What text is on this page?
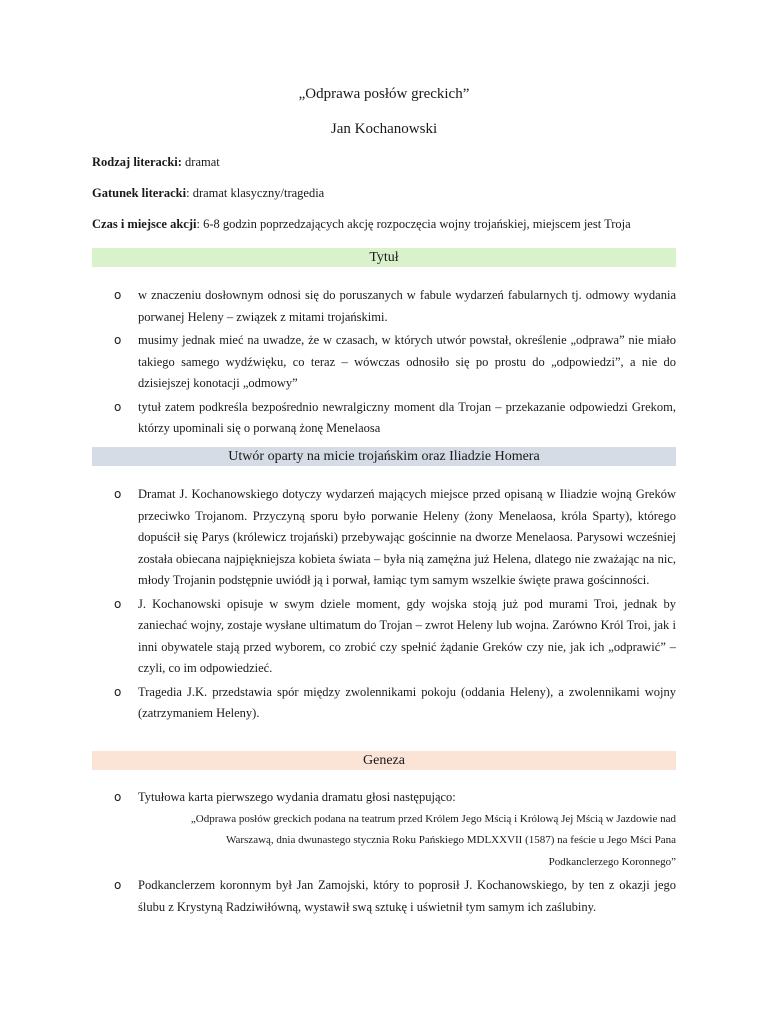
„Odprawa posłów greckich”
Jan Kochanowski
Rodzaj literacki: dramat
Gatunek literacki: dramat klasyczny/tragedia
Czas i miejsce akcji: 6-8 godzin poprzedzających akcję rozpoczęcia wojny trojańskiej, miejscem jest Troja
Tytuł
o w znaczeniu dosłownym odnosi się do poruszanych w fabule wydarzeń fabularnych tj. odmowy wydania porwanej Heleny – związek z mitami trojańskimi.
o musimy jednak mieć na uwadze, że w czasach, w których utwór powstał, określenie „odprawa” nie miało takiego samego wydźwięku, co teraz – wówczas odnosiło się po prostu do „odpowiedzi”, a nie do dzisiejszej konotacji „odmowy”
o tytuł zatem podkreśla bezpośrednio newralgiczny moment dla Trojan – przekazanie odpowiedzi Grekom, którzy upominali się o porwaną żonę Menelaosa
Utwór oparty na micie trojańskim oraz Iliadzie Homera
o Dramat J. Kochanowskiego dotyczy wydarzeń mających miejsce przed opisaną w Iliadzie wojną Greków przeciwko Trojanom. Przyczyną sporu było porwanie Heleny (żony Menelaosa, króla Sparty), którego dopuścił się Parys (królewicz trojański) przebywając gościnnie na dworze Menelaosa. Parysowi wcześniej została obiecana najpiękniejsza kobieta świata – była nią zamężna już Helena, dlatego nie zważając na nic, młody Trojanin podstępnie uwiódł ją i porwał, łamiąc tym samym wszelkie święte prawa gościnności.
o J. Kochanowski opisuje w swym dziele moment, gdy wojska stoją już pod murami Troi, jednak by zaniechać wojny, zostaje wysłane ultimatum do Trojan – zwrot Heleny lub wojna. Zarówno Król Troi, jak i inni obywatele stają przed wyborem, co zrobić czy spełnić żądanie Greków czy nie, jak ich „odprawić” – czyli, co im odpowiedzieć.
o Tragedia J.K. przedstawia spór między zwolennikami pokoju (oddania Heleny), a zwolennikami wojny (zatrzymaniem Heleny).
Geneza
o Tytułowa karta pierwszego wydania dramatu głosi następująco:
„Odprawa posłów greckich podana na teatrum przed Królem Jego Mścią i Królową Jej Mścią w Jazdowie nad Warszawą, dnia dwunastego stycznia Roku Pańskiego MDLXXVII (1587) na feście u Jego Mści Pana Podkanclerzego Koronnego”
o Podkanclerzem koronnym był Jan Zamojski, który to poprosił J. Kochanowskiego, by ten z okazji jego ślubu z Krystyną Radziwiłówną, wystawił swą sztukę i uświetnił tym samym ich zaślubiny.
